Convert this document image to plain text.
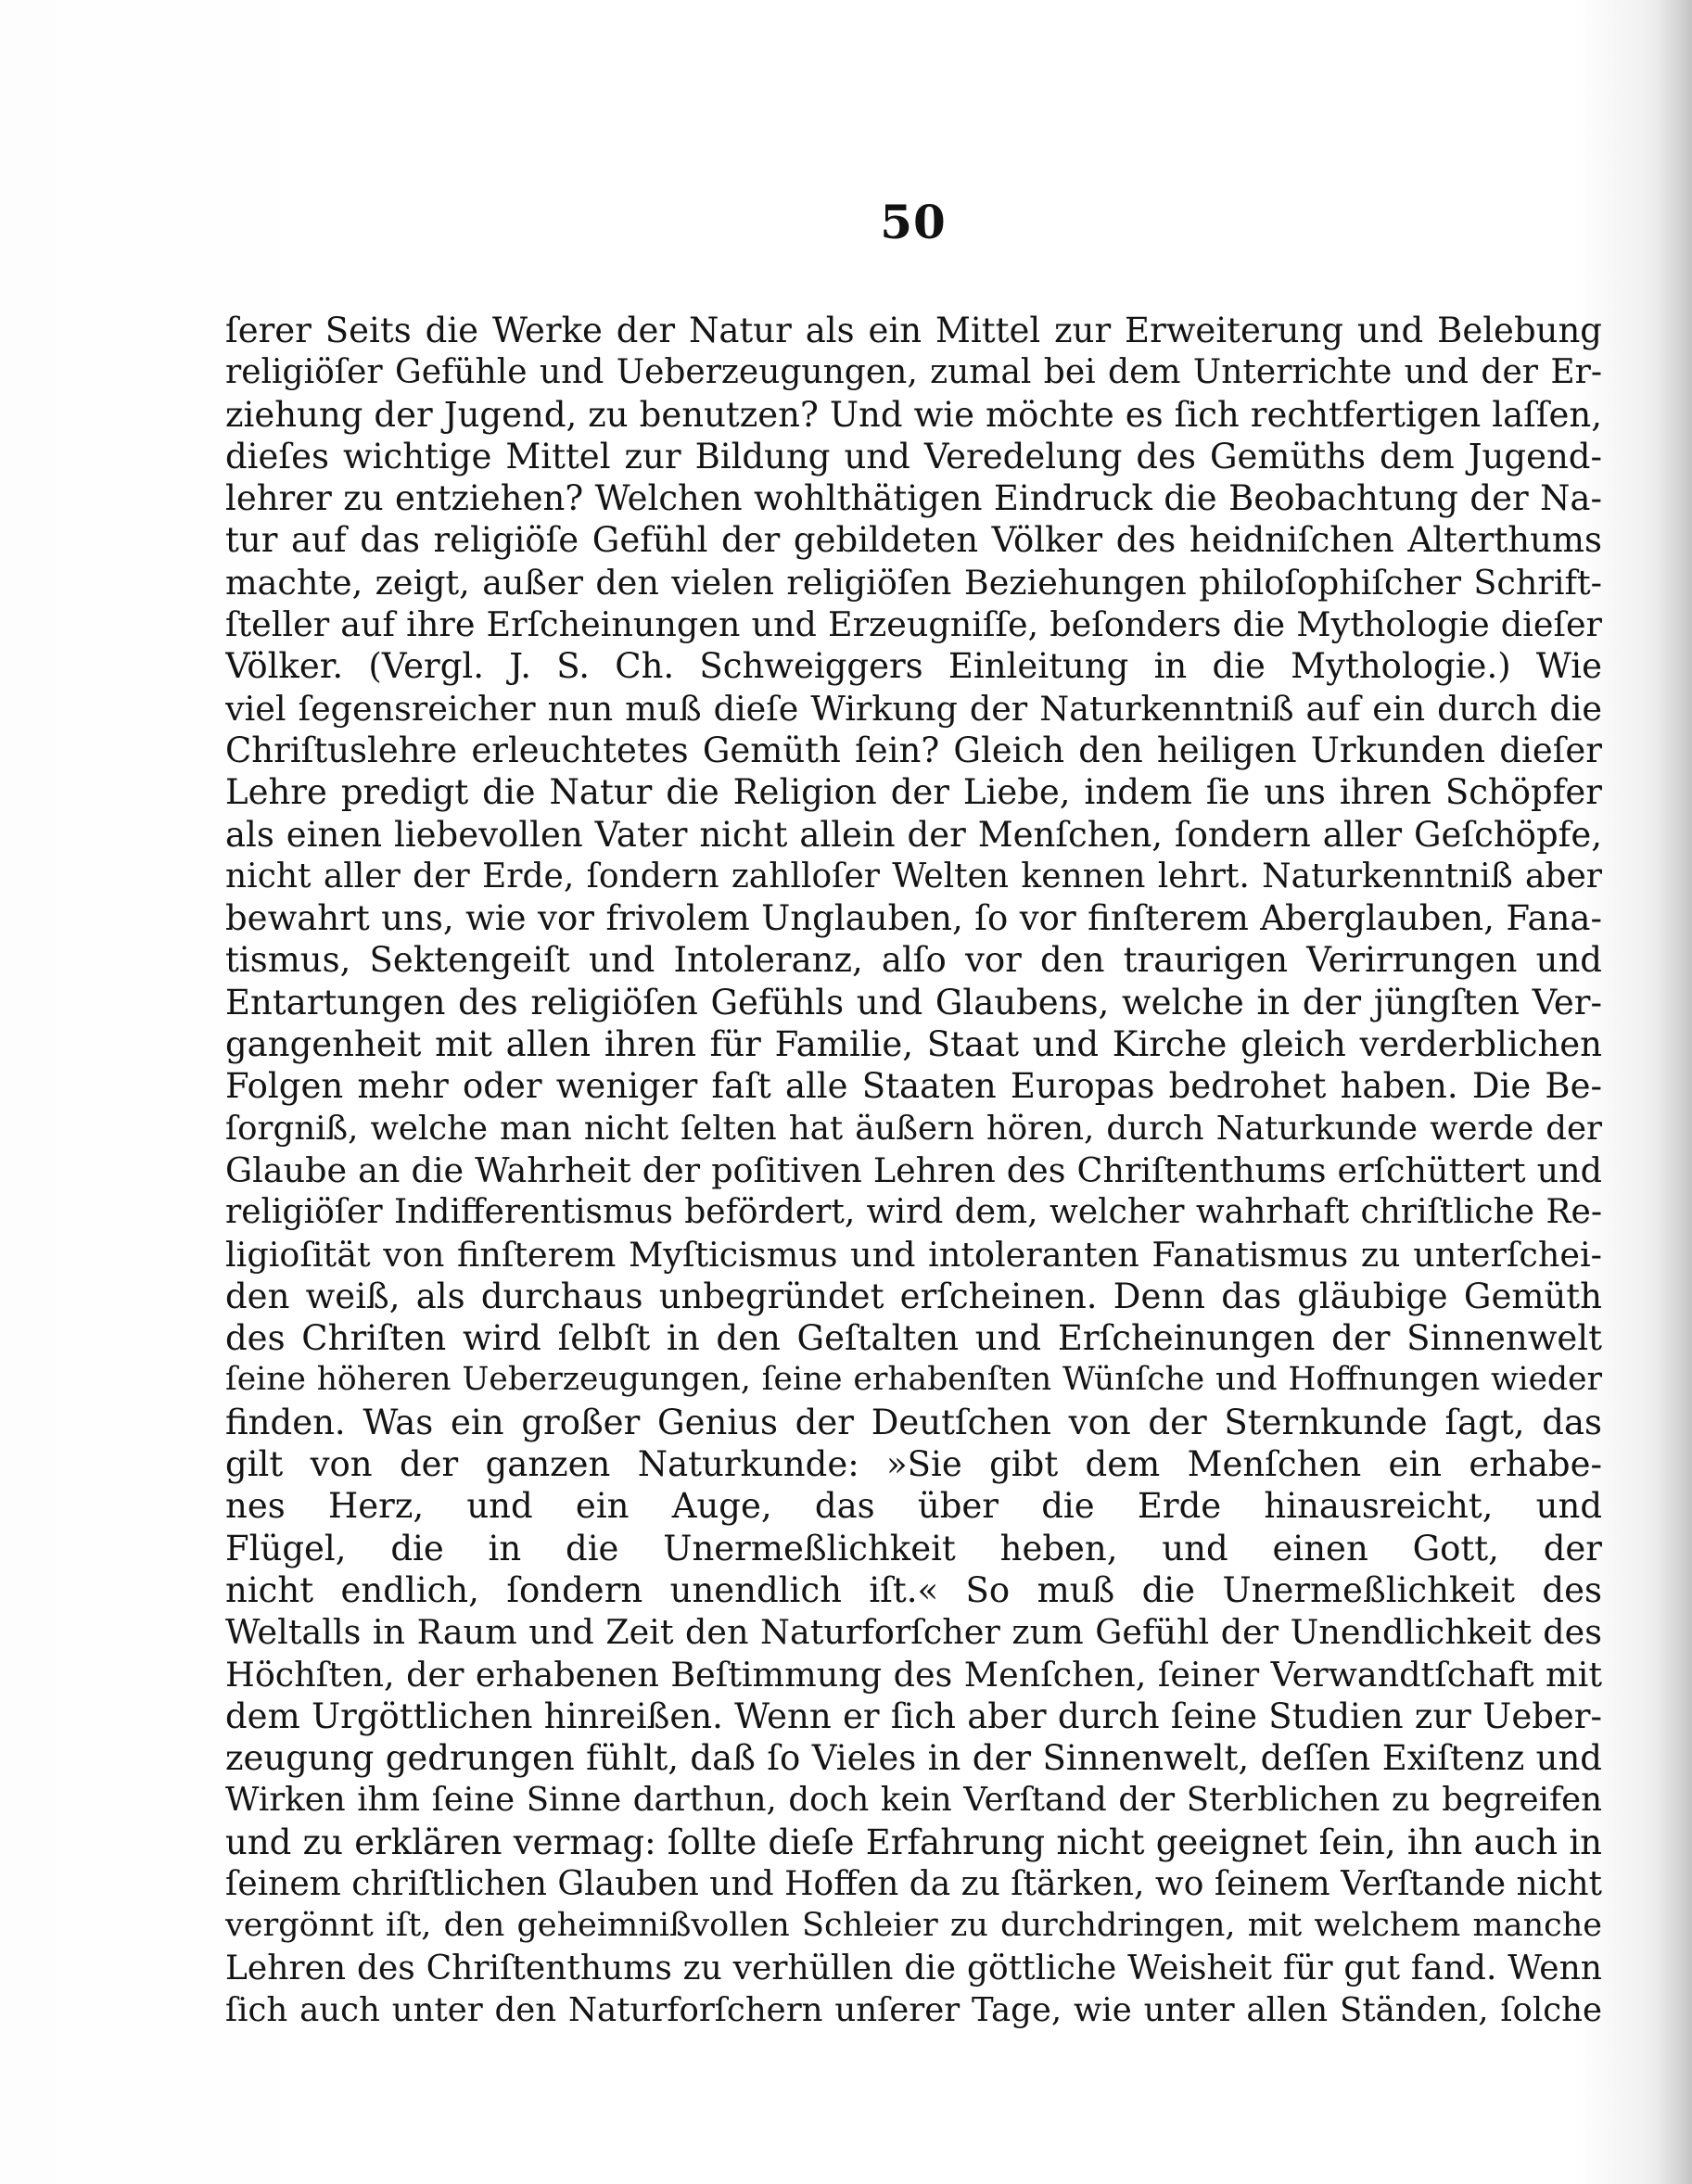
50
ſerer Seits die Werke der Natur als ein Mittel zur Erweiterung und Belebung
religiöſer Gefühle und Ueberzeugungen, zumal bei dem Unterrichte und der Er-
ziehung der Jugend, zu benutzen? Und wie möchte es ſich rechtfertigen laſſen,
dieſes wichtige Mittel zur Bildung und Veredelung des Gemüths dem Jugend-
lehrer zu entziehen? Welchen wohlthätigen Eindruck die Beobachtung der Na-
tur auf das religiöſe Gefühl der gebildeten Völker des heidniſchen Alterthums
machte, zeigt, außer den vielen religiöſen Beziehungen philoſophiſcher Schrift-
ſteller auf ihre Erſcheinungen und Erzeugniſſe, beſonders die Mythologie dieſer
Völker. (Vergl. J. S. Ch. Schweiggers Einleitung in die Mythologie.) Wie
viel ſegensreicher nun muß dieſe Wirkung der Naturkenntniß auf ein durch die
Chriſtuslehre erleuchtetes Gemüth ſein? Gleich den heiligen Urkunden dieſer
Lehre predigt die Natur die Religion der Liebe, indem ſie uns ihren Schöpfer
als einen liebevollen Vater nicht allein der Menſchen, ſondern aller Geſchöpfe,
nicht aller der Erde, ſondern zahlloſer Welten kennen lehrt. Naturkenntniß aber
bewahrt uns, wie vor frivolem Unglauben, ſo vor finſterem Aberglauben, Fana-
tismus, Sektengeiſt und Intoleranz, alſo vor den traurigen Verirrungen und
Entartungen des religiöſen Gefühls und Glaubens, welche in der jüngſten Ver-
gangenheit mit allen ihren für Familie, Staat und Kirche gleich verderblichen
Folgen mehr oder weniger faſt alle Staaten Europas bedrohet haben. Die Be-
ſorgniß, welche man nicht ſelten hat äußern hören, durch Naturkunde werde der
Glaube an die Wahrheit der poſitiven Lehren des Chriſtenthums erſchüttert und
religiöſer Indifferentismus befördert, wird dem, welcher wahrhaft chriſtliche Re-
ligioſität von finſterem Myſticismus und intoleranten Fanatismus zu unterſchei-
den weiß, als durchaus unbegründet erſcheinen. Denn das gläubige Gemüth
des Chriſten wird ſelbſt in den Geſtalten und Erſcheinungen der Sinnenwelt
ſeine höheren Ueberzeugungen, ſeine erhabenſten Wünſche und Hoffnungen wieder
finden. Was ein großer Genius der Deutſchen von der Sternkunde ſagt, das
gilt von der ganzen Naturkunde: »Sie gibt dem Menſchen ein erhabe-
nes Herz, und ein Auge, das über die Erde hinausreicht, und
Flügel, die in die Unermeßlichkeit heben, und einen Gott, der
nicht endlich, ſondern unendlich iſt.« So muß die Unermeßlichkeit des
Weltalls in Raum und Zeit den Naturforſcher zum Gefühl der Unendlichkeit des
Höchſten, der erhabenen Beſtimmung des Menſchen, ſeiner Verwandtſchaft mit
dem Urgöttlichen hinreißen. Wenn er ſich aber durch ſeine Studien zur Ueber-
zeugung gedrungen fühlt, daß ſo Vieles in der Sinnenwelt, deſſen Exiſtenz und
Wirken ihm ſeine Sinne darthun, doch kein Verſtand der Sterblichen zu begreifen
und zu erklären vermag: ſollte dieſe Erfahrung nicht geeignet ſein, ihn auch in
ſeinem chriſtlichen Glauben und Hoffen da zu ſtärken, wo ſeinem Verſtande nicht
vergönnt iſt, den geheimnißvollen Schleier zu durchdringen, mit welchem manche
Lehren des Chriſtenthums zu verhüllen die göttliche Weisheit für gut fand. Wenn
ſich auch unter den Naturforſchern unſerer Tage, wie unter allen Ständen, ſolche
